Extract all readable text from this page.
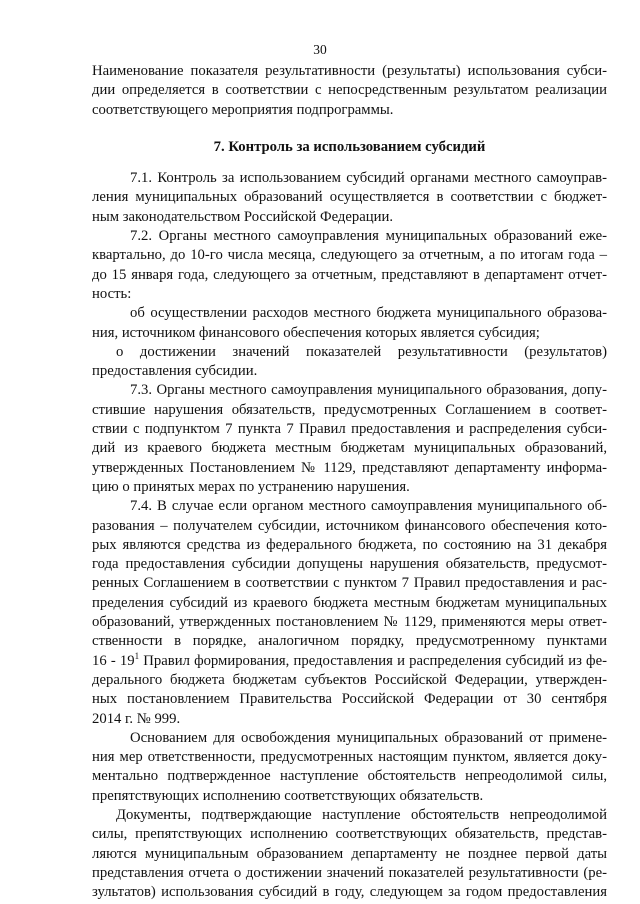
30
Наименование показателя результативности (результаты) использования субси-
дии определяется в соответствии с непосредственным результатом реализации
соответствующего мероприятия подпрограммы.
7. Контроль за использованием субсидий
7.1. Контроль за использованием субсидий органами местного самоуправ-
ления муниципальных образований осуществляется в соответствии с бюджет-
ным законодательством Российской Федерации.
7.2. Органы местного самоуправления муниципальных образований еже-
квартально, до 10-го числа месяца, следующего за отчетным, а по итогам года –
до 15 января года, следующего за отчетным, представляют в департамент отчет-
ность:
об осуществлении расходов местного бюджета муниципального образова-
ния, источником финансового обеспечения которых является субсидия;
о достижении значений показателей результативности (результатов)
предоставления субсидии.
7.3. Органы местного самоуправления муниципального образования, допу-
стившие нарушения обязательств, предусмотренных Соглашением в соответ-
ствии с подпунктом 7 пункта 7 Правил предоставления и распределения субси-
дий из краевого бюджета местным бюджетам муниципальных образований,
утвержденных Постановлением № 1129, представляют департаменту информа-
цию о принятых мерах по устранению нарушения.
7.4. В случае если органом местного самоуправления муниципального об-
разования – получателем субсидии, источником финансового обеспечения кото-
рых являются средства из федерального бюджета, по состоянию на 31 декабря
года предоставления субсидии допущены нарушения обязательств, предусмот-
ренных Соглашением в соответствии с пунктом 7 Правил предоставления и рас-
пределения субсидий из краевого бюджета местным бюджетам муниципальных
образований, утвержденных постановлением № 1129, применяются меры ответ-
ственности в порядке, аналогичном порядку, предусмотренному пунктами
$16 - 19^1$ Правил формирования, предоставления и распределения субсидий из фе-
дерального бюджета бюджетам субъектов Российской Федерации, утвержден-
ных постановлением Правительства Российской Федерации от 30 сентября
2014 г. № 999.
Основанием для освобождения муниципальных образований от примене-
ния мер ответственности, предусмотренных настоящим пунктом, является доку-
ментально подтвержденное наступление обстоятельств непреодолимой силы,
препятствующих исполнению соответствующих обязательств.
Документы, подтверждающие наступление обстоятельств непреодолимой
силы, препятствующих исполнению соответствующих обязательств, представ-
ляются муниципальным образованием департаменту не позднее первой даты
представления отчета о достижении значений показателей результативности (ре-
зультатов) использования субсидий в году, следующем за годом предоставления
